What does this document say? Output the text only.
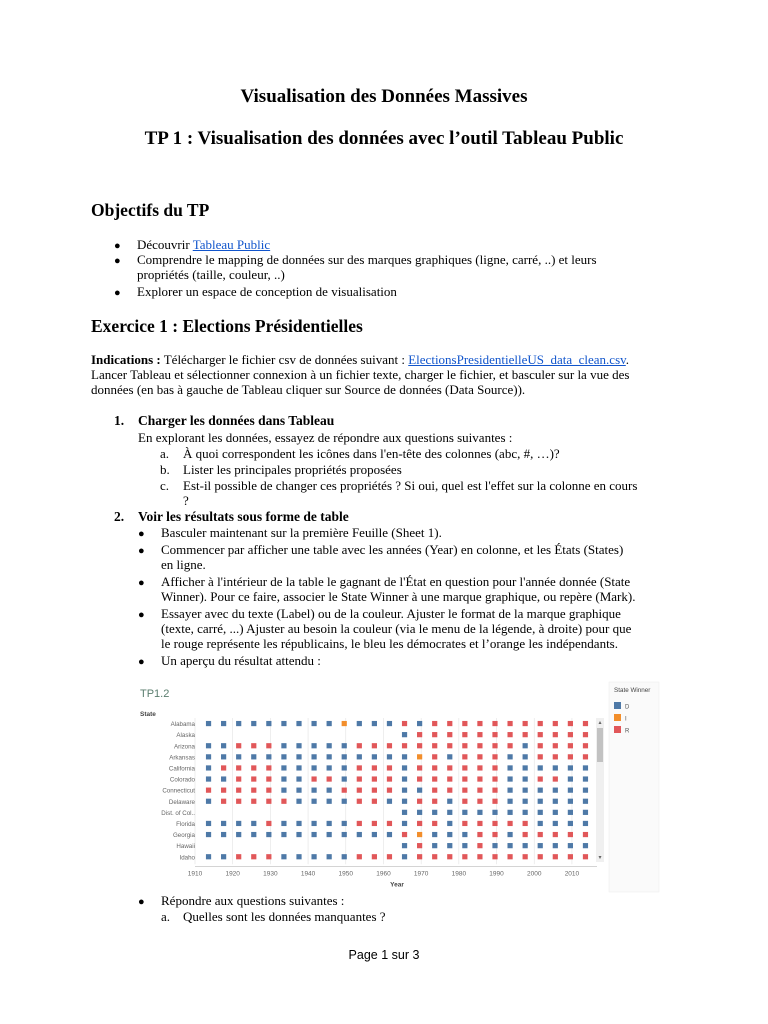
Visualisation des Données Massives
TP 1 : Visualisation des données avec l’outil Tableau Public
Objectifs du TP
● Découvrir Tableau Public
● Comprendre le mapping de données sur des marques graphiques (ligne, carré, ..) et leurs
propriétés (taille, couleur, ..)
● Explorer un espace de conception de visualisation
Exercice 1 : Elections Présidentielles
Indications : Télécharger le fichier csv de données suivant : ElectionsPresidentielleUS_data_clean.csv.
Lancer Tableau et sélectionner connexion à un fichier texte, charger le fichier, et basculer sur la vue des
données (en bas à gauche de Tableau cliquer sur Source de données (Data Source)).
1. Charger les données dans Tableau
En explorant les données, essayez de répondre aux questions suivantes :
a. À quoi correspondent les icônes dans l'en-tête des colonnes (abc, #, …)?
b. Lister les principales propriétés proposées
c. Est-il possible de changer ces propriétés ? Si oui, quel est l'effet sur la colonne en cours
?
2. Voir les résultats sous forme de table
● Basculer maintenant sur la première Feuille (Sheet 1).
● Commencer par afficher une table avec les années (Year) en colonne, et les États (States)
en ligne.
● Afficher à l'intérieur de la table le gagnant de l'État en question pour l'année donnée (State
Winner). Pour ce faire, associer le State Winner à une marque graphique, ou repère (Mark).
● Essayer avec du texte (Label) ou de la couleur. Ajuster le format de la marque graphique
(texte, carré, ...) Ajuster au besoin la couleur (via le menu de la légende, à droite) pour que
le rouge représente les républicains, le bleu les démocrates et l’orange les indépendants.
● Un aperçu du résultat attendu :
TP1.2
State
Alabama
Alaska
Arizona
Arkansas
California
Colorado
Connecticut
Delaware
Dist. of Col..
Florida
Georgia
Hawaii
Idaho
1910	1920	1930	1940	1950	1960	1970	1980	1990	2000	2010
Year
▴
▾
State Winner
D
I
R
● Répondre aux questions suivantes :
a. Quelles sont les données manquantes ?
Page 1 sur 3
